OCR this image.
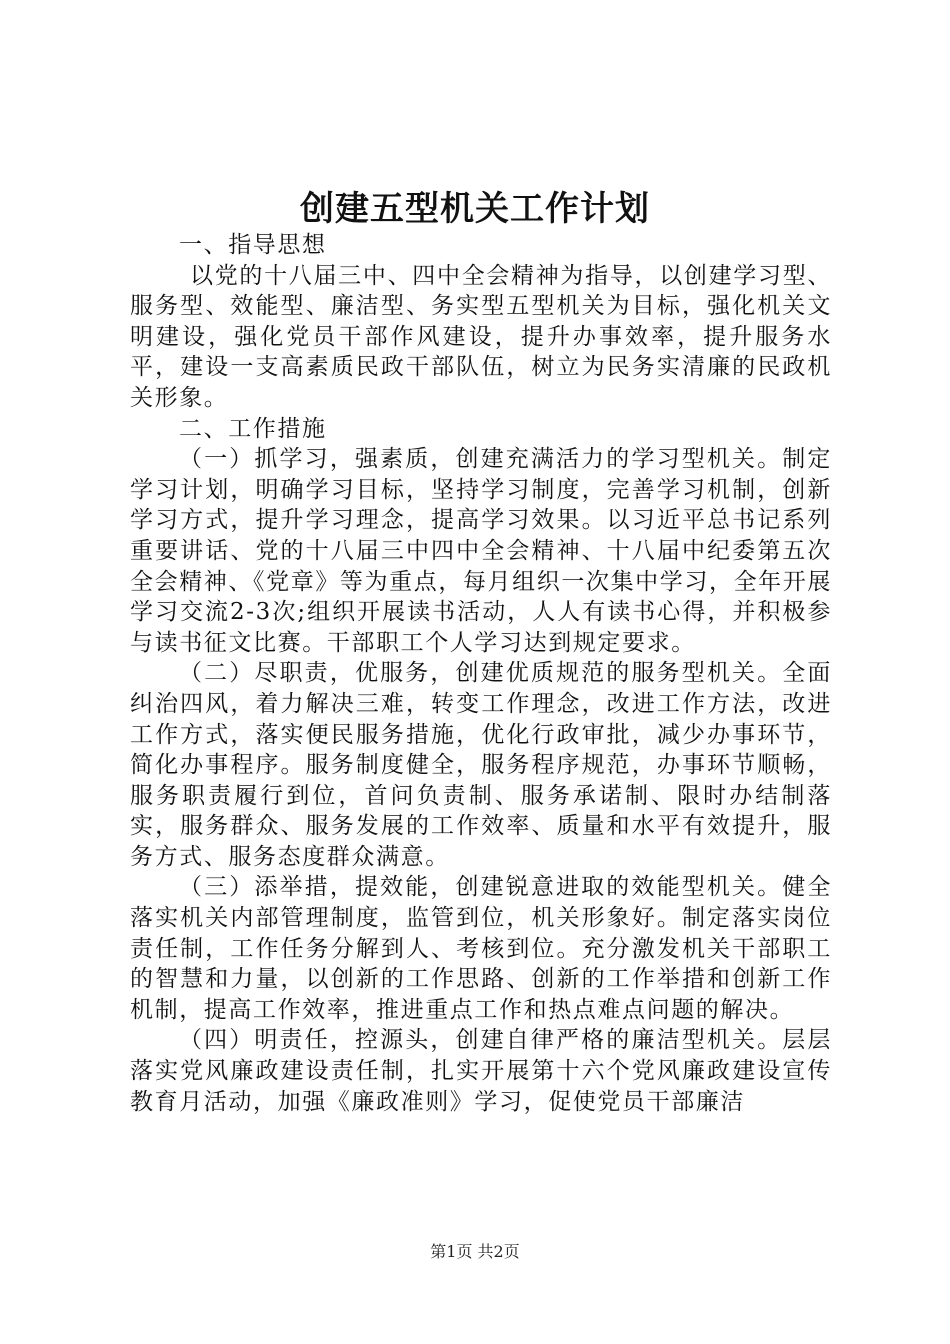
创建五型机关工作计划

一、指导思想

以党的十八届三中、四中全会精神为指导，以创建学习型、服务型、效能型、廉洁型、务实型五型机关为目标，强化机关文明建设，强化党员干部作风建设，提升办事效率，提升服务水平，建设一支高素质民政干部队伍，树立为民务实清廉的民政机关形象。

二、工作措施

（一）抓学习，强素质，创建充满活力的学习型机关。制定学习计划，明确学习目标，坚持学习制度，完善学习机制，创新学习方式，提升学习理念，提高学习效果。以习近平总书记系列重要讲话、党的十八届三中四中全会精神、十八届中纪委第五次全会精神、《党章》等为重点，每月组织一次集中学习，全年开展学习交流2-3次;组织开展读书活动，人人有读书心得，并积极参与读书征文比赛。干部职工个人学习达到规定要求。

（二）尽职责，优服务，创建优质规范的服务型机关。全面纠治四风，着力解决三难，转变工作理念，改进工作方法，改进工作方式，落实便民服务措施，优化行政审批，减少办事环节，简化办事程序。服务制度健全，服务程序规范，办事环节顺畅，服务职责履行到位，首问负责制、服务承诺制、限时办结制落实，服务群众、服务发展的工作效率、质量和水平有效提升，服务方式、服务态度群众满意。

（三）添举措，提效能，创建锐意进取的效能型机关。健全落实机关内部管理制度，监管到位，机关形象好。制定落实岗位责任制，工作任务分解到人、考核到位。充分激发机关干部职工的智慧和力量，以创新的工作思路、创新的工作举措和创新工作机制，提高工作效率，推进重点工作和热点难点问题的解决。

（四）明责任，控源头，创建自律严格的廉洁型机关。层层落实党风廉政建设责任制，扎实开展第十六个党风廉政建设宣传教育月活动，加强《廉政准则》学习，促使党员干部廉洁

第1页 共2页
